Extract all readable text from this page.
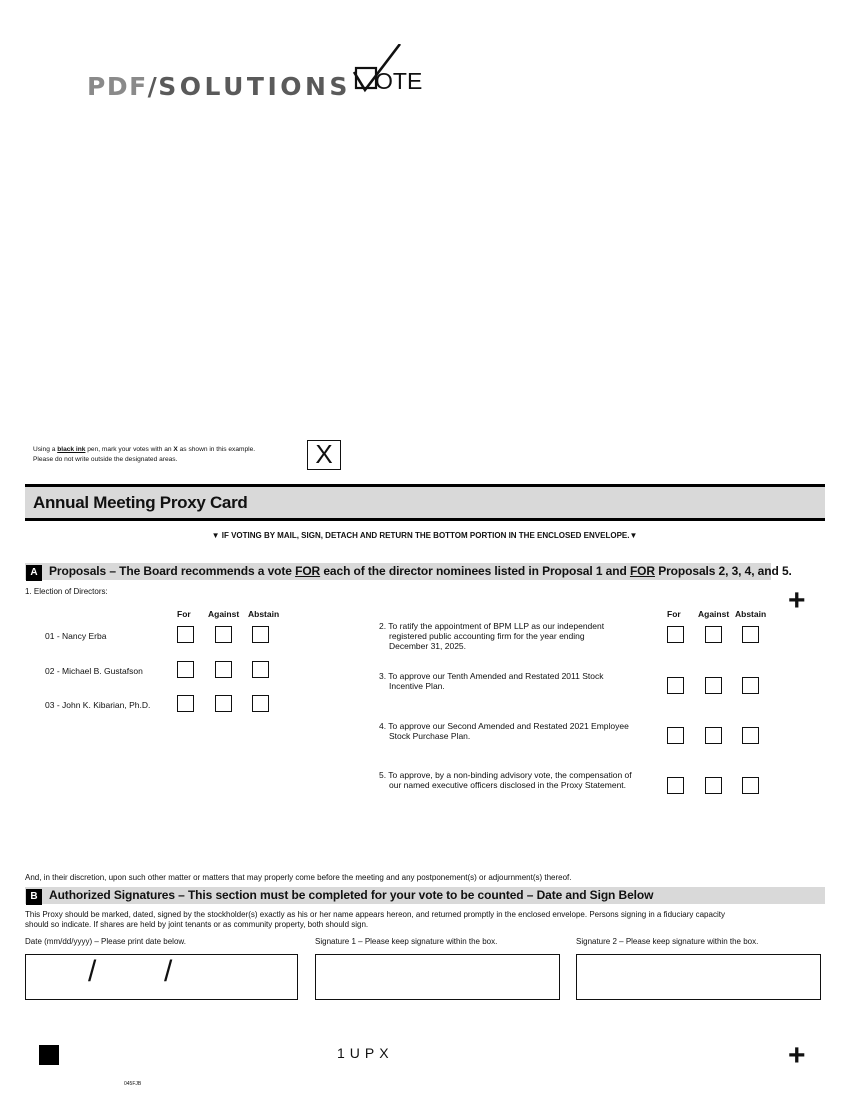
PDF/SOLUTIONS OTE
Using a black ink pen, mark your votes with an X as shown in this example.
Please do not write outside the designated areas.	X
Annual Meeting Proxy Card
▼ IF VOTING BY MAIL, SIGN, DETACH AND RETURN THE BOTTOM PORTION IN THE ENCLOSED ENVELOPE.▼
A Proposals – The Board recommends a vote FOR each of the director nominees listed in Proposal 1 and FOR Proposals 2, 3, 4, and 5.
+
1. Election of Directors:
For Against Abstain
01 - Nancy Erba
02 - Michael B. Gustafson
03 - John K. Kibarian, Ph.D.
For Against Abstain
2. To ratify the appointment of BPM LLP as our independent
registered public accounting firm for the year ending
December 31, 2025.
3. To approve our Tenth Amended and Restated 2011 Stock
Incentive Plan.
4. To approve our Second Amended and Restated 2021 Employee
Stock Purchase Plan.
5. To approve, by a non-binding advisory vote, the compensation of
our named executive officers disclosed in the Proxy Statement.
And, in their discretion, upon such other matter or matters that may properly come before the meeting and any postponement(s) or adjournment(s) thereof.
B Authorized Signatures – This section must be completed for your vote to be counted – Date and Sign Below
This Proxy should be marked, dated, signed by the stockholder(s) exactly as his or her name appears hereon, and returned promptly in the enclosed envelope. Persons signing in a fiduciary capacity
should so indicate. If shares are held by joint tenants or as community property, both should sign.
Date (mm/dd/yyyy) – Please print date below.	Signature 1 – Please keep signature within the box.	Signature 2 – Please keep signature within the box.
/ /
1UPX	+
045FJB
